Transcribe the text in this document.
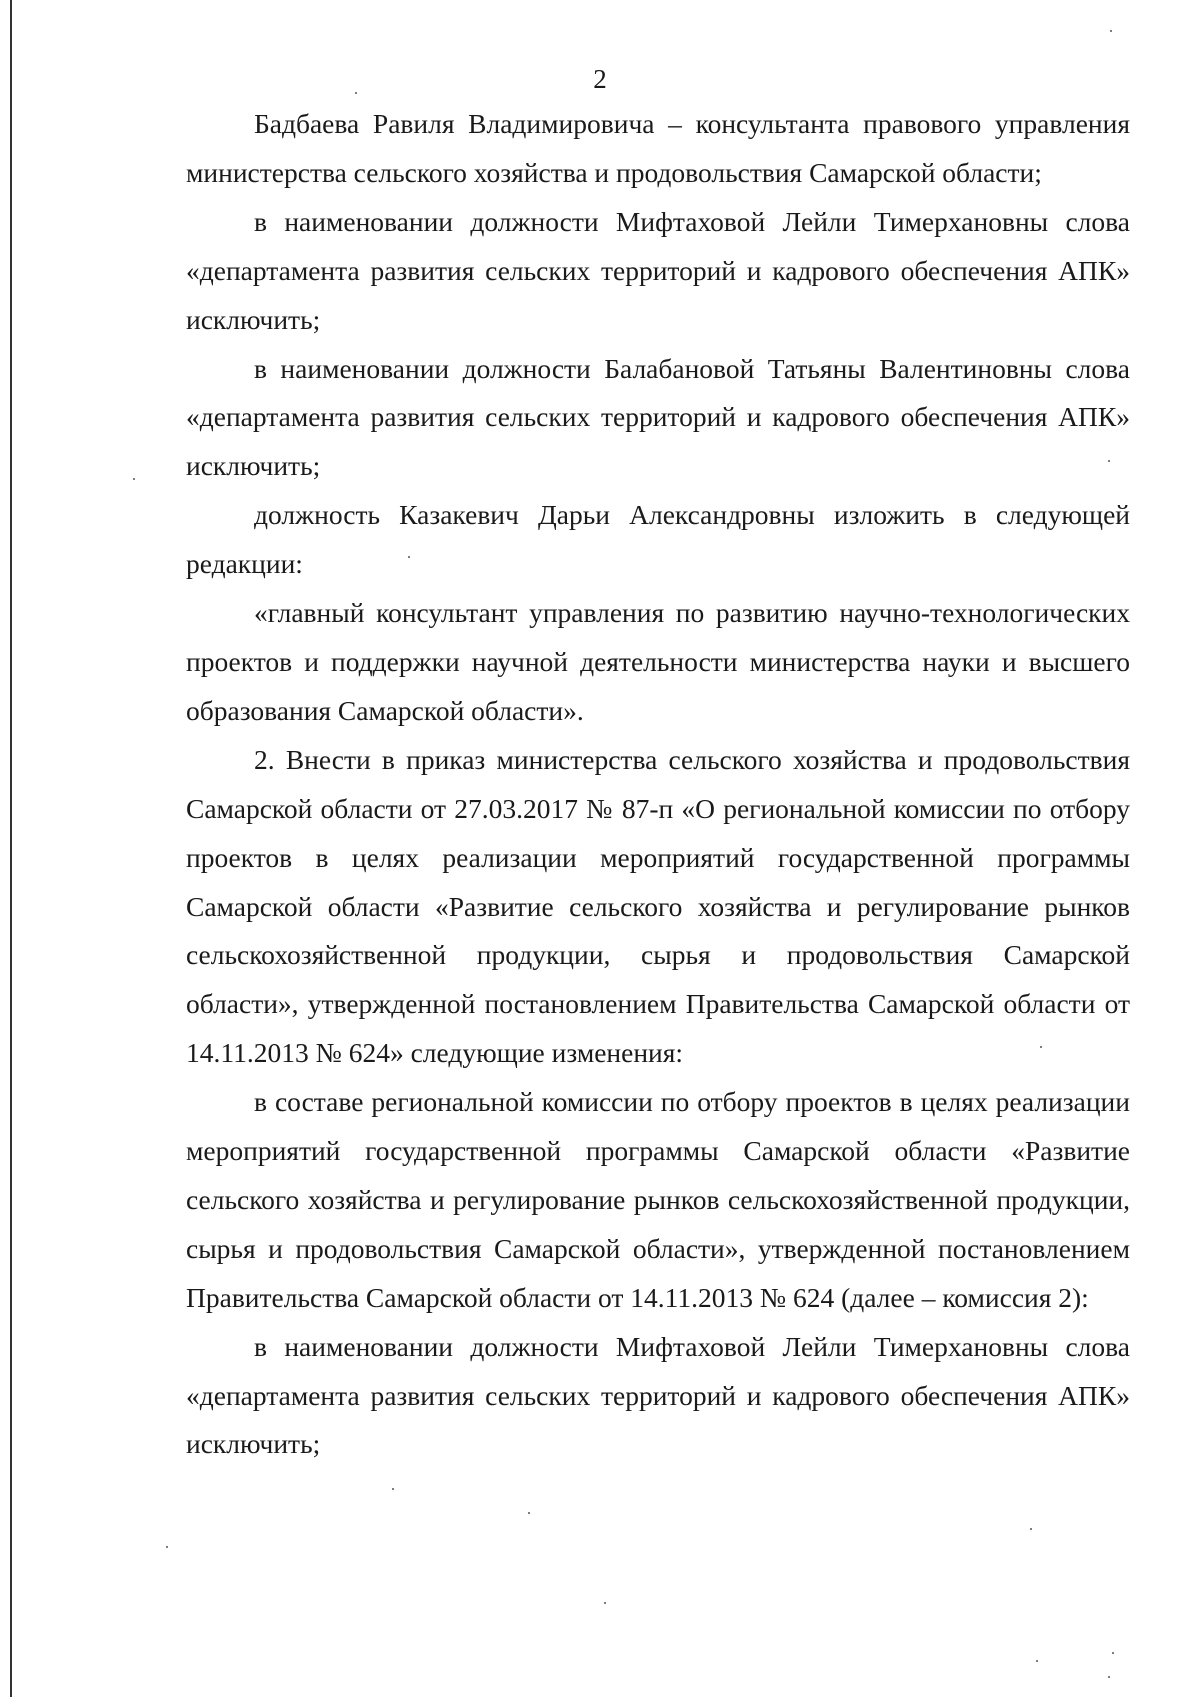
2

Бадбаева Равиля Владимировича – консультанта правового управления министерства сельского хозяйства и продовольствия Самарской области;

в наименовании должности Мифтаховой Лейли Тимерхановны слова «департамента развития сельских территорий и кадрового обеспечения АПК» исключить;

в наименовании должности Балабановой Татьяны Валентиновны слова «департамента развития сельских территорий и кадрового обеспечения АПК» исключить;

должность Казакевич Дарьи Александровны изложить в следующей редакции:

«главный консультант управления по развитию научно-технологических проектов и поддержки научной деятельности министерства науки и высшего образования Самарской области».

2. Внести в приказ министерства сельского хозяйства и продовольствия Самарской области от 27.03.2017 № 87-п «О региональной комиссии по отбору проектов в целях реализации мероприятий государственной программы Самарской области «Развитие сельского хозяйства и регулирование рынков сельскохозяйственной продукции, сырья и продовольствия Самарской области», утвержденной постановлением Правительства Самарской области от 14.11.2013 № 624» следующие изменения:

в составе региональной комиссии по отбору проектов в целях реализации мероприятий государственной программы Самарской области «Развитие сельского хозяйства и регулирование рынков сельскохозяйственной продукции, сырья и продовольствия Самарской области», утвержденной постановлением Правительства Самарской области от 14.11.2013 № 624 (далее – комиссия 2):

в наименовании должности Мифтаховой Лейли Тимерхановны слова «департамента развития сельских территорий и кадрового обеспечения АПК» исключить;
